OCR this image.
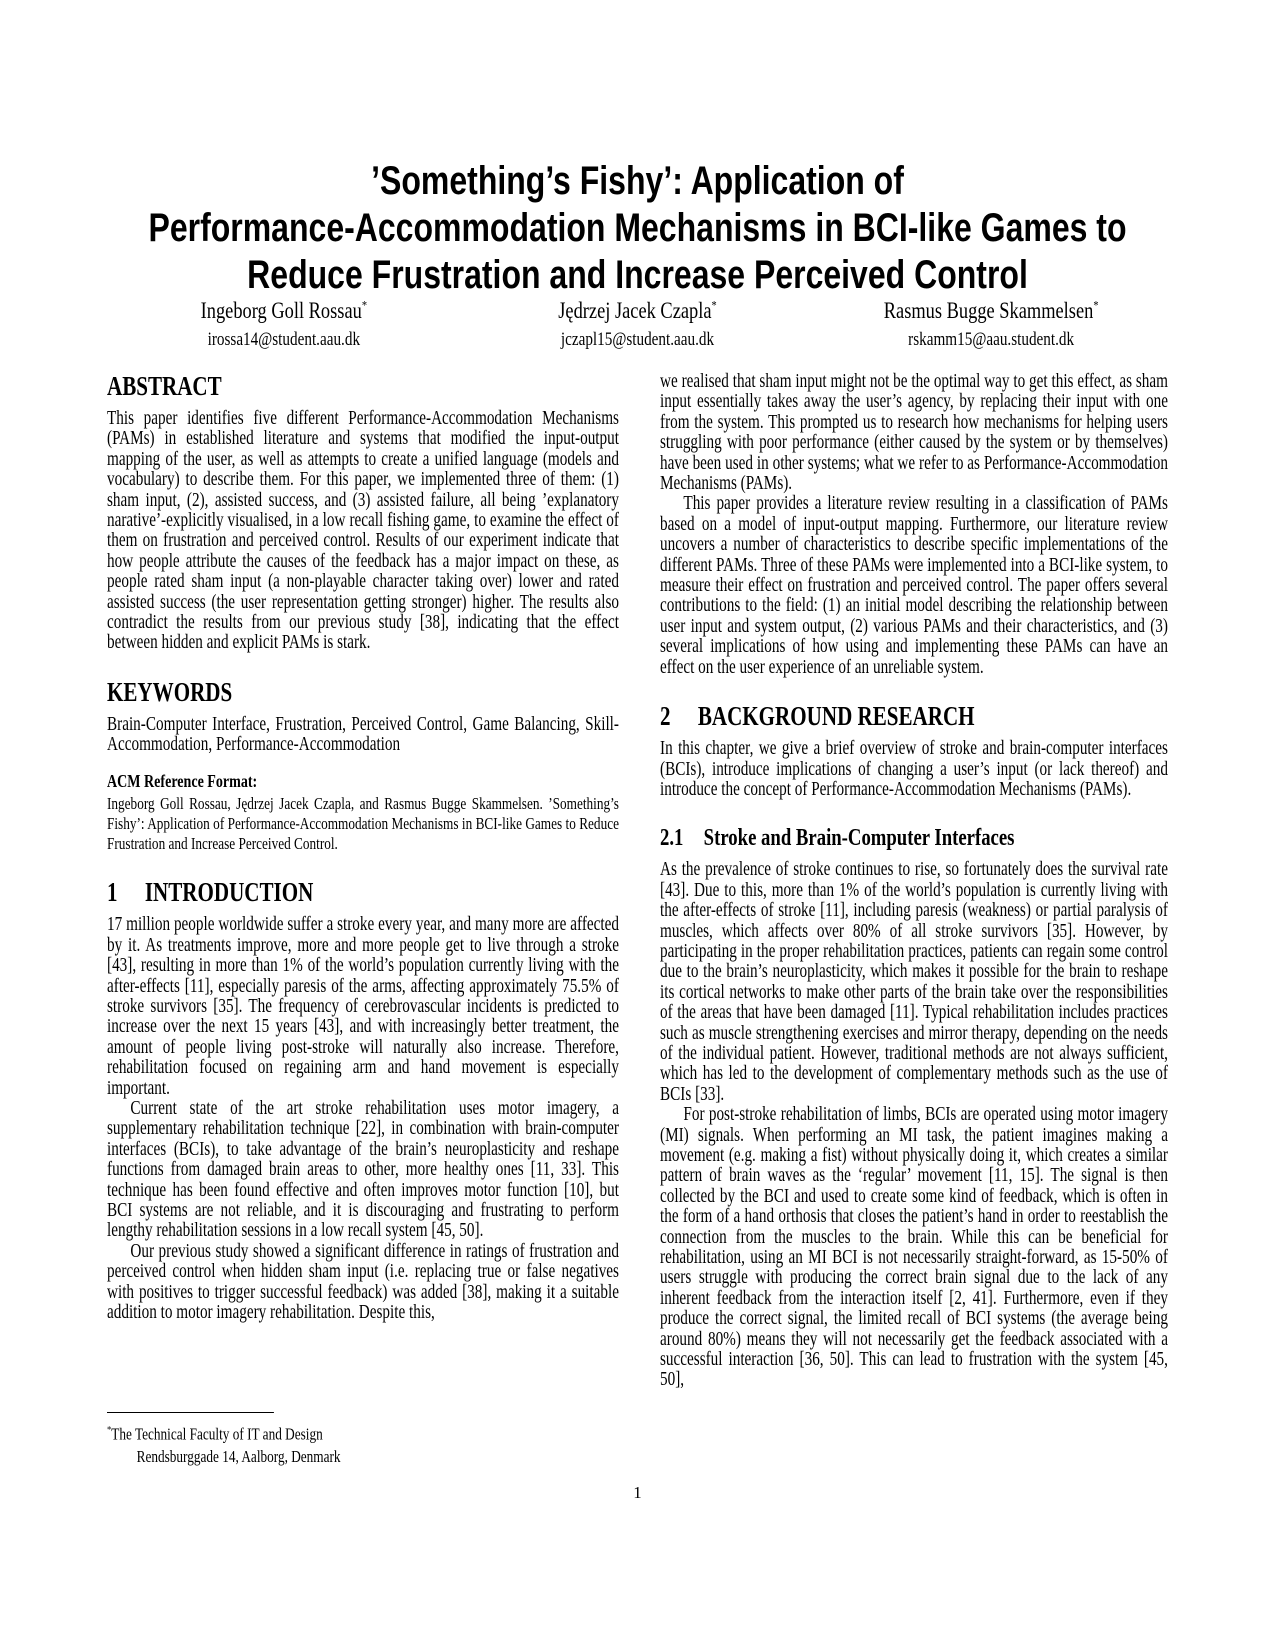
’Something’s Fishy’: Application of
Performance-Accommodation Mechanisms in BCI-like Games to
Reduce Frustration and Increase Perceived Control
Ingeborg Goll Rossau*
irossa14@student.aau.dk
Jędrzej Jacek Czapla*
jczapl15@student.aau.dk
Rasmus Bugge Skammelsen*
rskamm15@aau.student.dk
ABSTRACT

This paper identifies five different Performance-Accommodation Mechanisms (PAMs) in established literature and systems that modified the input-output mapping of the user, as well as attempts to create a unified language (models and vocabulary) to describe them. For this paper, we implemented three of them: (1) sham input, (2), assisted success, and (3) assisted failure, all being ’explanatory narative’-explicitly visualised, in a low recall fishing game, to examine the effect of them on frustration and perceived control. Results of our experiment indicate that how people attribute the causes of the feedback has a major impact on these, as people rated sham input (a non-playable character taking over) lower and rated assisted success (the user representation getting stronger) higher. The results also contradict the results from our previous study [38], indicating that the effect between hidden and explicit PAMs is stark.

KEYWORDS

Brain-Computer Interface, Frustration, Perceived Control, Game Balancing, Skill-Accommodation, Performance-Accommodation

ACM Reference Format:

Ingeborg Goll Rossau, Jędrzej Jacek Czapla, and Rasmus Bugge Skammelsen. ’Something’s Fishy’: Application of Performance-Accommodation Mechanisms in BCI-like Games to Reduce Frustration and Increase Perceived Control.

1 INTRODUCTION

17 million people worldwide suffer a stroke every year, and many more are affected by it. As treatments improve, more and more people get to live through a stroke [43], resulting in more than 1% of the world’s population currently living with the after-effects [11], especially paresis of the arms, affecting approximately 75.5% of stroke survivors [35]. The frequency of cerebrovascular incidents is predicted to increase over the next 15 years [43], and with increasingly better treatment, the amount of people living post-stroke will naturally also increase. Therefore, rehabilitation focused on regaining arm and hand movement is especially important.

Current state of the art stroke rehabilitation uses motor imagery, a supplementary rehabilitation technique [22], in combination with brain-computer interfaces (BCIs), to take advantage of the brain’s neuroplasticity and reshape functions from damaged brain areas to other, more healthy ones [11, 33]. This technique has been found effective and often improves motor function [10], but BCI systems are not reliable, and it is discouraging and frustrating to perform lengthy rehabilitation sessions in a low recall system [45, 50].

Our previous study showed a significant difference in ratings of frustration and perceived control when hidden sham input (i.e. replacing true or false negatives with positives to trigger successful feedback) was added [38], making it a suitable addition to motor imagery rehabilitation. Despite this,

we realised that sham input might not be the optimal way to get this effect, as sham input essentially takes away the user’s agency, by replacing their input with one from the system. This prompted us to research how mechanisms for helping users struggling with poor performance (either caused by the system or by themselves) have been used in other systems; what we refer to as Performance-Accommodation Mechanisms (PAMs).

This paper provides a literature review resulting in a classification of PAMs based on a model of input-output mapping. Furthermore, our literature review uncovers a number of characteristics to describe specific implementations of the different PAMs. Three of these PAMs were implemented into a BCI-like system, to measure their effect on frustration and perceived control. The paper offers several contributions to the field: (1) an initial model describing the relationship between user input and system output, (2) various PAMs and their characteristics, and (3) several implications of how using and implementing these PAMs can have an effect on the user experience of an unreliable system.

2 BACKGROUND RESEARCH

In this chapter, we give a brief overview of stroke and brain-computer interfaces (BCIs), introduce implications of changing a user’s input (or lack thereof) and introduce the concept of Performance-Accommodation Mechanisms (PAMs).

2.1 Stroke and Brain-Computer Interfaces

As the prevalence of stroke continues to rise, so fortunately does the survival rate [43]. Due to this, more than 1% of the world’s population is currently living with the after-effects of stroke [11], including paresis (weakness) or partial paralysis of muscles, which affects over 80% of all stroke survivors [35]. However, by participating in the proper rehabilitation practices, patients can regain some control due to the brain’s neuroplasticity, which makes it possible for the brain to reshape its cortical networks to make other parts of the brain take over the responsibilities of the areas that have been damaged [11]. Typical rehabilitation includes practices such as muscle strengthening exercises and mirror therapy, depending on the needs of the individual patient. However, traditional methods are not always sufficient, which has led to the development of complementary methods such as the use of BCIs [33].

For post-stroke rehabilitation of limbs, BCIs are operated using motor imagery (MI) signals. When performing an MI task, the patient imagines making a movement (e.g. making a fist) without physically doing it, which creates a similar pattern of brain waves as the ‘regular’ movement [11, 15]. The signal is then collected by the BCI and used to create some kind of feedback, which is often in the form of a hand orthosis that closes the patient’s hand in order to reestablish the connection from the muscles to the brain. While this can be beneficial for rehabilitation, using an MI BCI is not necessarily straight-forward, as 15-50% of users struggle with producing the correct brain signal due to the lack of any inherent feedback from the interaction itself [2, 41]. Furthermore, even if they produce the correct signal, the limited recall of BCI systems (the average being around 80%) means they will not necessarily get the feedback associated with a successful interaction [36, 50]. This can lead to frustration with the system [45, 50],

*The Technical Faculty of IT and Design
Rendsburggade 14, Aalborg, Denmark
1
